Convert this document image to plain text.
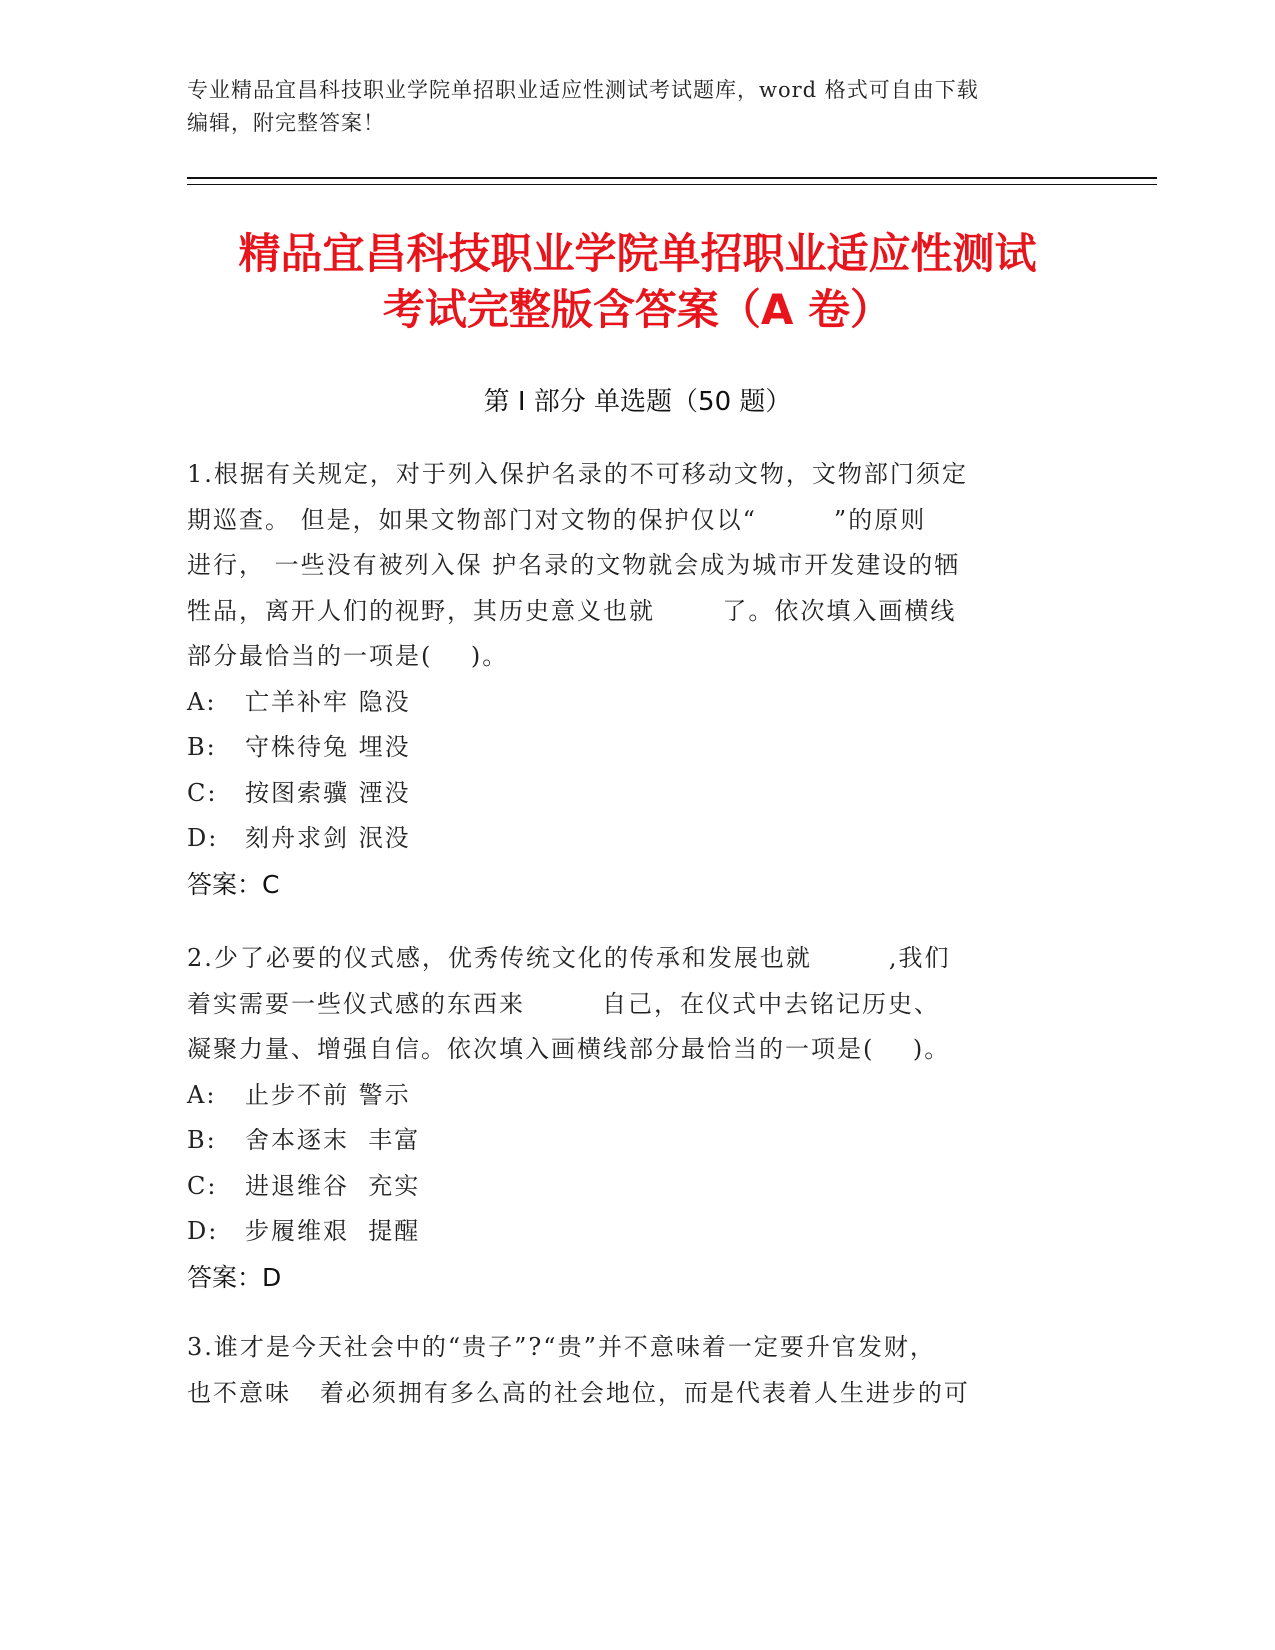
专业精品宜昌科技职业学院单招职业适应性测试考试题库，word 格式可自由下载
编辑，附完整答案！
精品宜昌科技职业学院单招职业适应性测试
考试完整版含答案（A 卷）
第 I 部分 单选题（50 题）
1.根据有关规定，对于列入保护名录的不可移动文物，文物部门须定
期巡查。 但是，如果文物部门对文物的保护仅以“        ”的原则
进行， 一些没有被列入保 护名录的文物就会成为城市开发建设的牺
牲品，离开人们的视野，其历史意义也就       了。依次填入画横线
部分最恰当的一项是(    )。
A:	亡羊补牢 隐没
B:	守株待兔 埋没
C:	按图索骥 湮没
D:	刻舟求剑 泯没
答案：C
2.少了必要的仪式感，优秀传统文化的传承和发展也就        ,我们
着实需要一些仪式感的东西来        自己，在仪式中去铭记历史、
凝聚力量、增强自信。依次填入画横线部分最恰当的一项是(    )。
A:	止步不前 警示
B:	舍本逐末  丰富
C:	进退维谷  充实
D:	步履维艰  提醒
答案：D
3.谁才是今天社会中的“贵子”?“贵”并不意味着一定要升官发财，
也不意味   着必须拥有多么高的社会地位，而是代表着人生进步的可
